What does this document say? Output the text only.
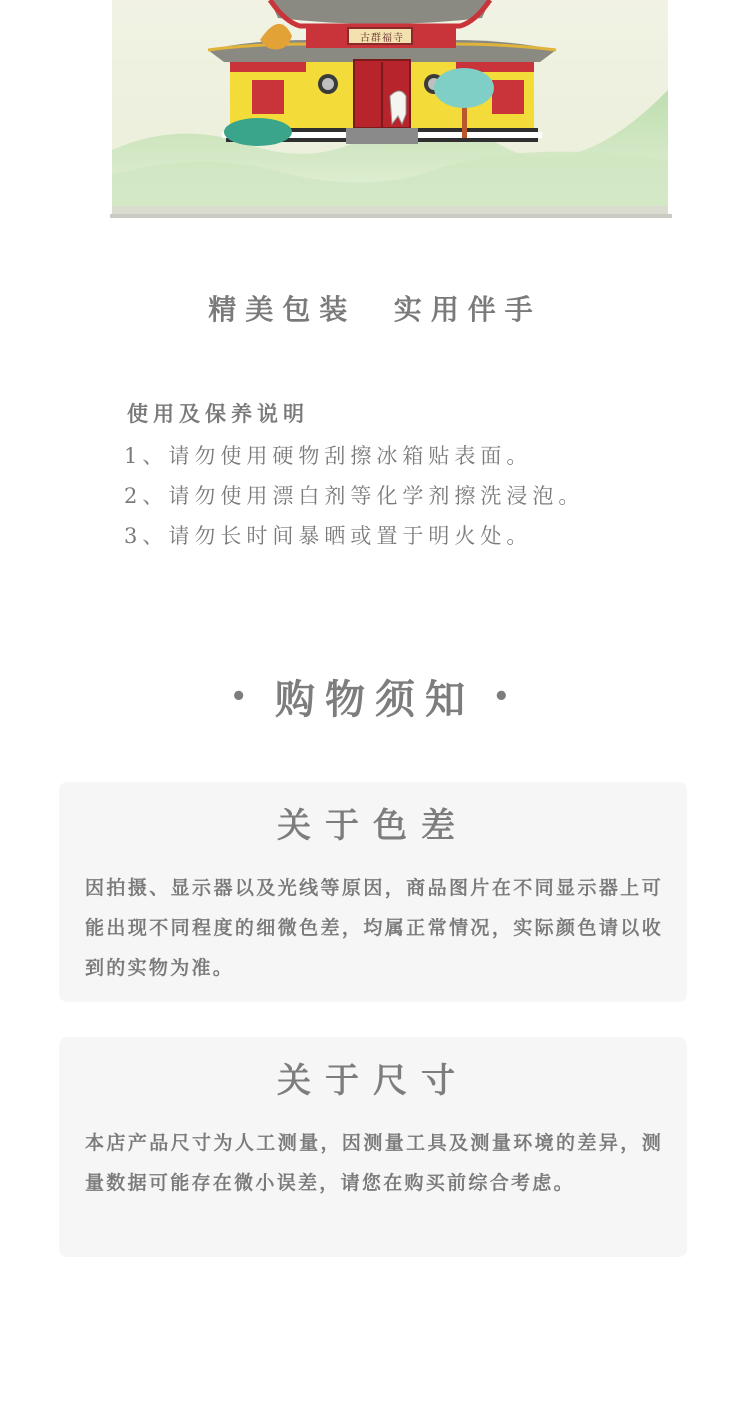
古群福寺
精美包装  实用伴手
使用及保养说明
1、请勿使用硬物刮擦冰箱贴表面。
2、请勿使用漂白剂等化学剂擦洗浸泡。
3、请勿长时间暴晒或置于明火处。
• 购物须知 •
关于色差
因拍摄、显示器以及光线等原因，商品图片在不同显示器上可能出现不同程度的细微色差，均属正常情况，实际颜色请以收到的实物为准。
关于尺寸
本店产品尺寸为人工测量，因测量工具及测量环境的差异，测量数据可能存在微小误差，请您在购买前综合考虑。
